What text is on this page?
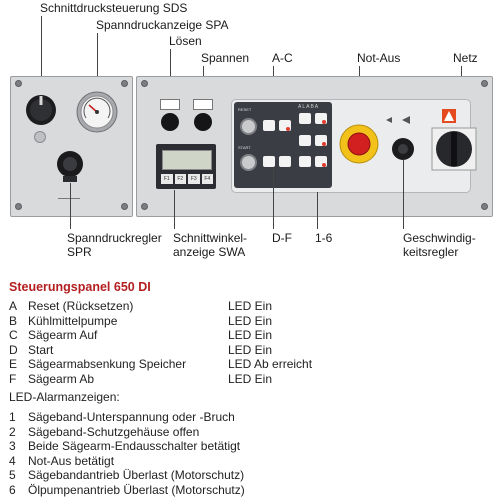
Schnittdrucksteuerung SDS
Spanndruckanzeige SPA
Lösen
Spannen A-C	Not-Aus	Netz
F1	F2	F3	F4
ALABA
RESET
START
Spanndruckregler
SPR
Schnittwinkel-
anzeige SWA
D-F 1-6	Geschwindig-
keitsregler
Steuerungspanel 650 DI
A Reset (Rücksetzen)	LED Ein
B Kühlmittelpumpe	LED Ein
C Sägearm Auf	LED Ein
D Start	LED Ein
E Sägearmabsenkung Speicher	LED Ab erreicht
F Sägearm Ab	LED Ein
LED-Alarmanzeigen:
1 Sägeband-Unterspannung oder -Bruch
2 Sägeband-Schutzgehäuse offen
3 Beide Sägearm-Endausschalter betätigt
4 Not-Aus betätigt
5 Sägebandantrieb Überlast (Motorschutz)
6 Ölpumpenantrieb Überlast (Motorschutz)
